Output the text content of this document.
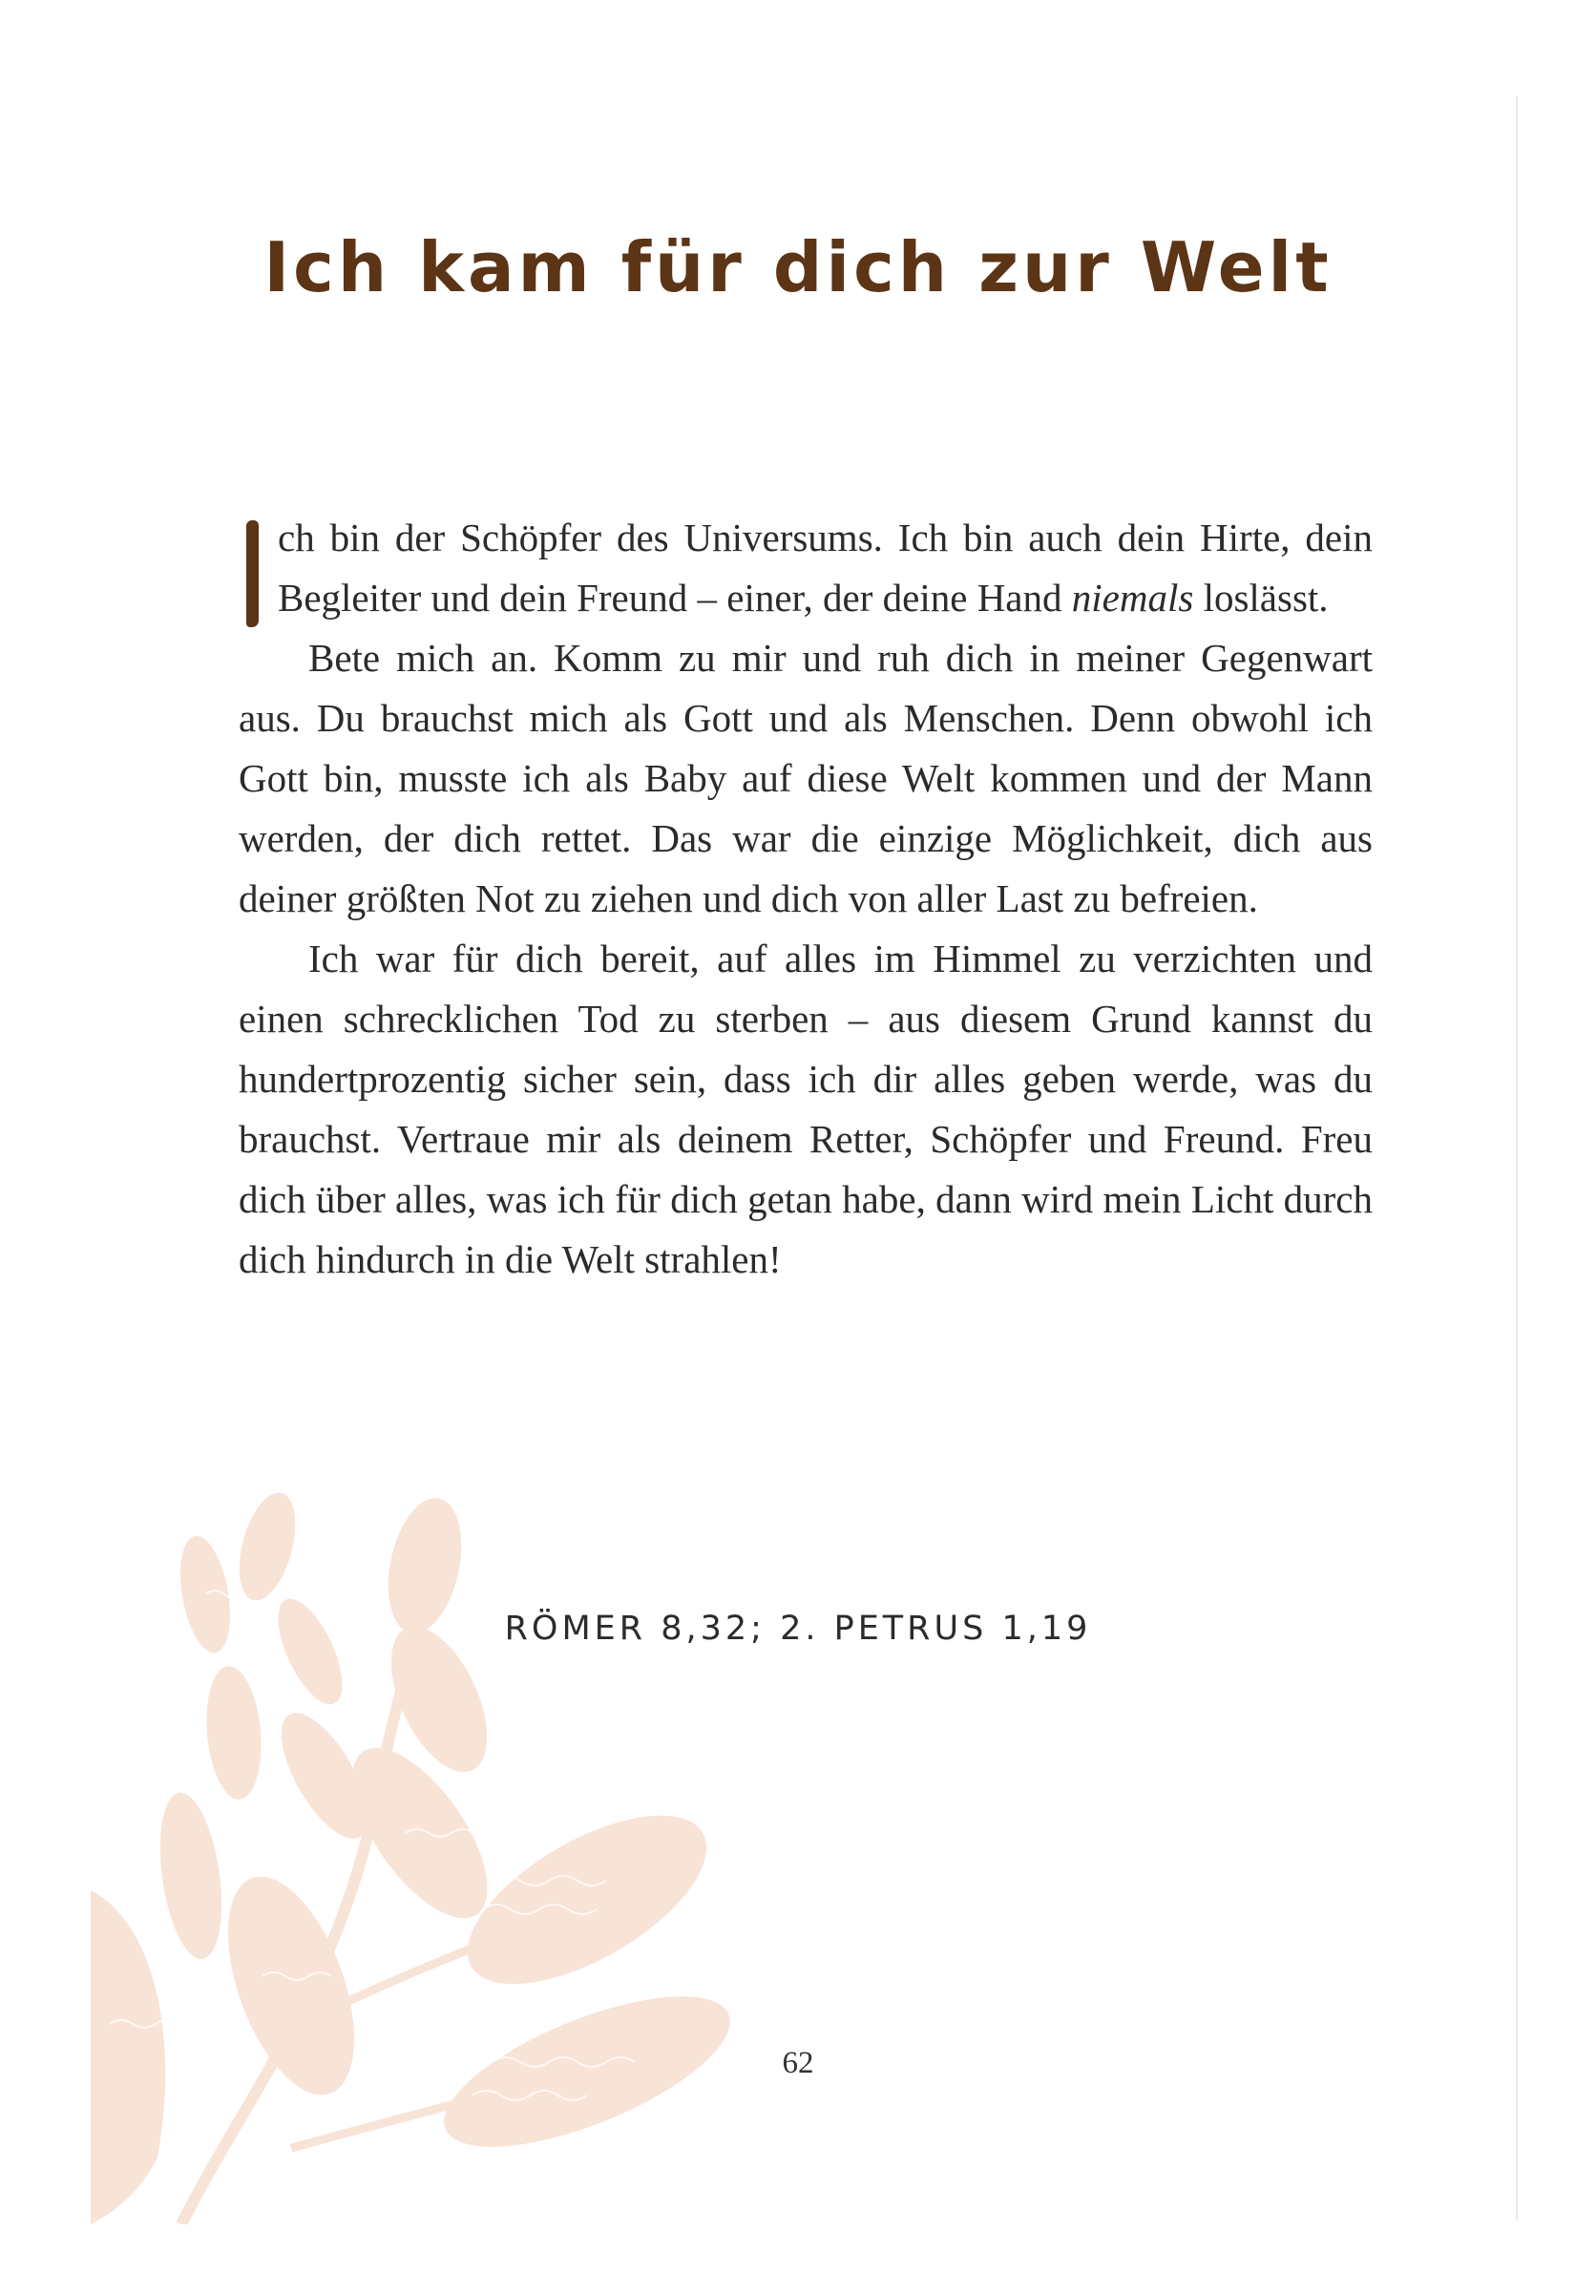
Ich kam für dich zur Welt

ch bin der Schöpfer des Universums. Ich bin auch dein Hirte, dein Begleiter und dein Freund – einer, der deine Hand niemals loslässt.

Bete mich an. Komm zu mir und ruh dich in meiner Gegenwart aus. Du brauchst mich als Gott und als Menschen. Denn obwohl ich Gott bin, musste ich als Baby auf diese Welt kommen und der Mann werden, der dich rettet. Das war die einzige Möglichkeit, dich aus deiner größten Not zu ziehen und dich von aller Last zu befreien.

Ich war für dich bereit, auf alles im Himmel zu verzichten und einen schrecklichen Tod zu sterben – aus diesem Grund kannst du hundertprozentig sicher sein, dass ich dir alles geben werde, was du brauchst. Vertraue mir als deinem Retter, Schöpfer und Freund. Freu dich über alles, was ich für dich getan habe, dann wird mein Licht durch dich hindurch in die Welt strahlen!

RÖMER 8,32; 2. PETRUS 1,19
62
